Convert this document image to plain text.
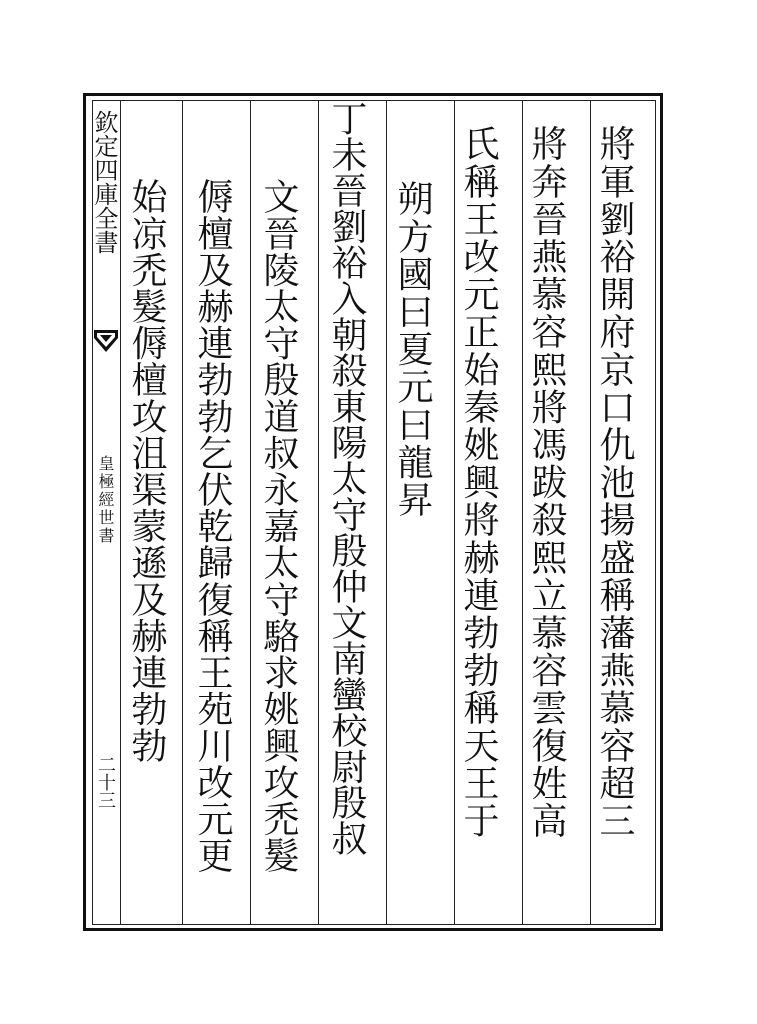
欽定四庫全書
皇極經世書
二十三	將軍劉裕開府京口仇池揚盛稱藩燕慕容超三
將奔晉燕慕容熙將馮跋殺熙立慕容雲復姓高
氏稱王改元正始秦姚興將赫連勃勃稱天王于
朔方國曰夏元曰龍昇
丁未晉劉裕入朝殺東陽太守殷仲文南蠻校尉殷叔
文晉陵太守殷道叔永嘉太守駱求姚興攻禿髮
傉檀及赫連勃勃乞伏乾歸復稱王苑川改元更
始凉禿髮傉檀攻沮渠蒙遜及赫連勃勃
